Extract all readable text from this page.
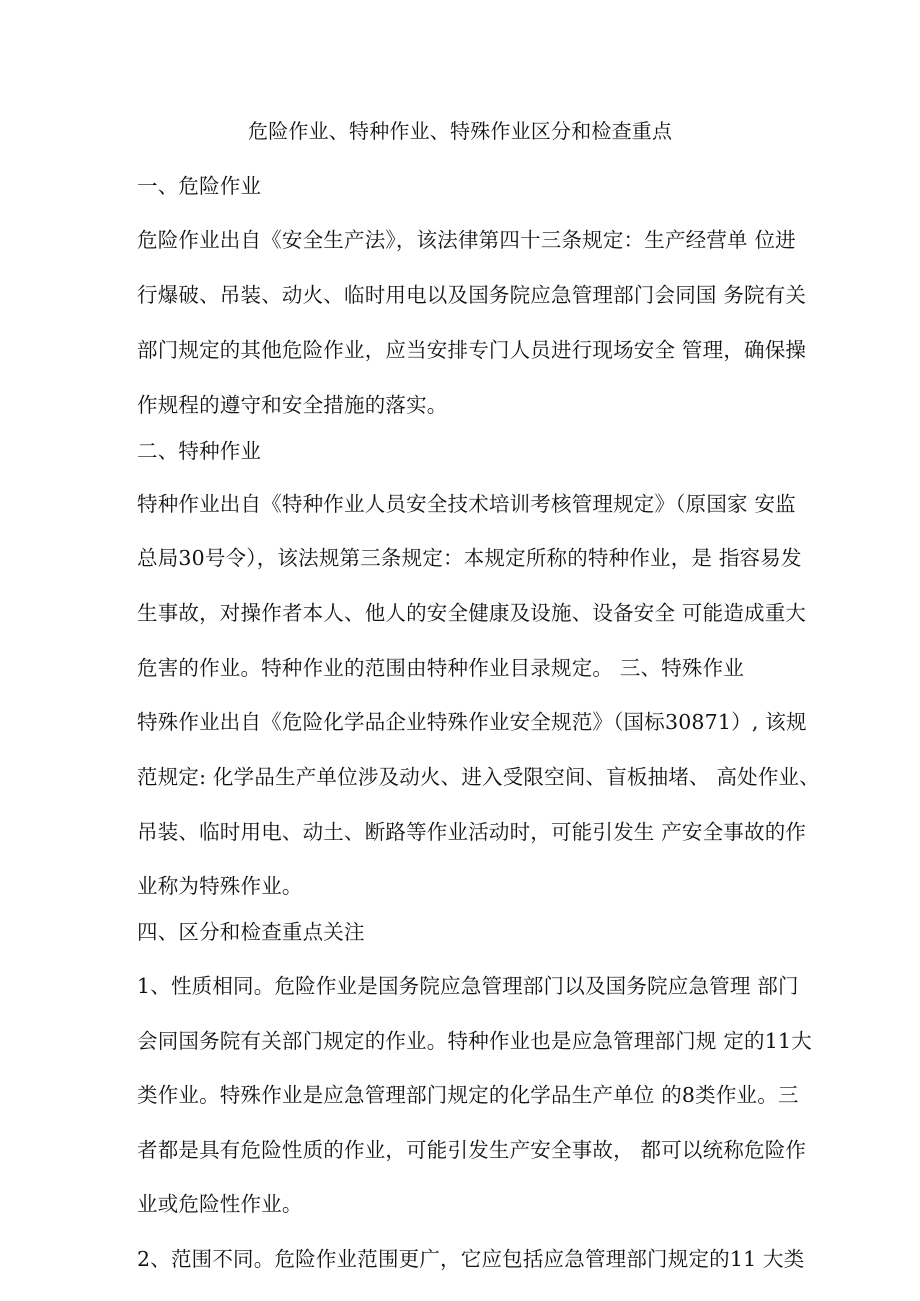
危险作业、特种作业、特殊作业区分和检查重点
一、危险作业
危险作业出自《安全生产法》，该法律第四十三条规定：生产经营单 位进
行爆破、吊装、动火、临时用电以及国务院应急管理部门会同国 务院有关
部门规定的其他危险作业，应当安排专门人员进行现场安全 管理，确保操
作规程的遵守和安全措施的落实。
二、特种作业
特种作业出自《特种作业人员安全技术培训考核管理规定》（原国家 安监
总局30号令），该法规第三条规定：本规定所称的特种作业，是 指容易发
生事故，对操作者本人、他人的安全健康及设施、设备安全 可能造成重大
危害的作业。特种作业的范围由特种作业目录规定。 三、特殊作业
特殊作业出自《危险化学品企业特殊作业安全规范》（国标30871）, 该规
范规定: 化学品生产单位涉及动火、进入受限空间、盲板抽堵、 高处作业、
吊装、临时用电、动土、断路等作业活动时，可能引发生 产安全事故的作
业称为特殊作业。
四、区分和检查重点关注
1、性质相同。危险作业是国务院应急管理部门以及国务院应急管理 部门
会同国务院有关部门规定的作业。特种作业也是应急管理部门规 定的11大
类作业。特殊作业是应急管理部门规定的化学品生产单位 的8类作业。三
者都是具有危险性质的作业，可能引发生产安全事故， 都可以统称危险作
业或危险性作业。
2、范围不同。危险作业范围更广，它应包括应急管理部门规定的11 大类
